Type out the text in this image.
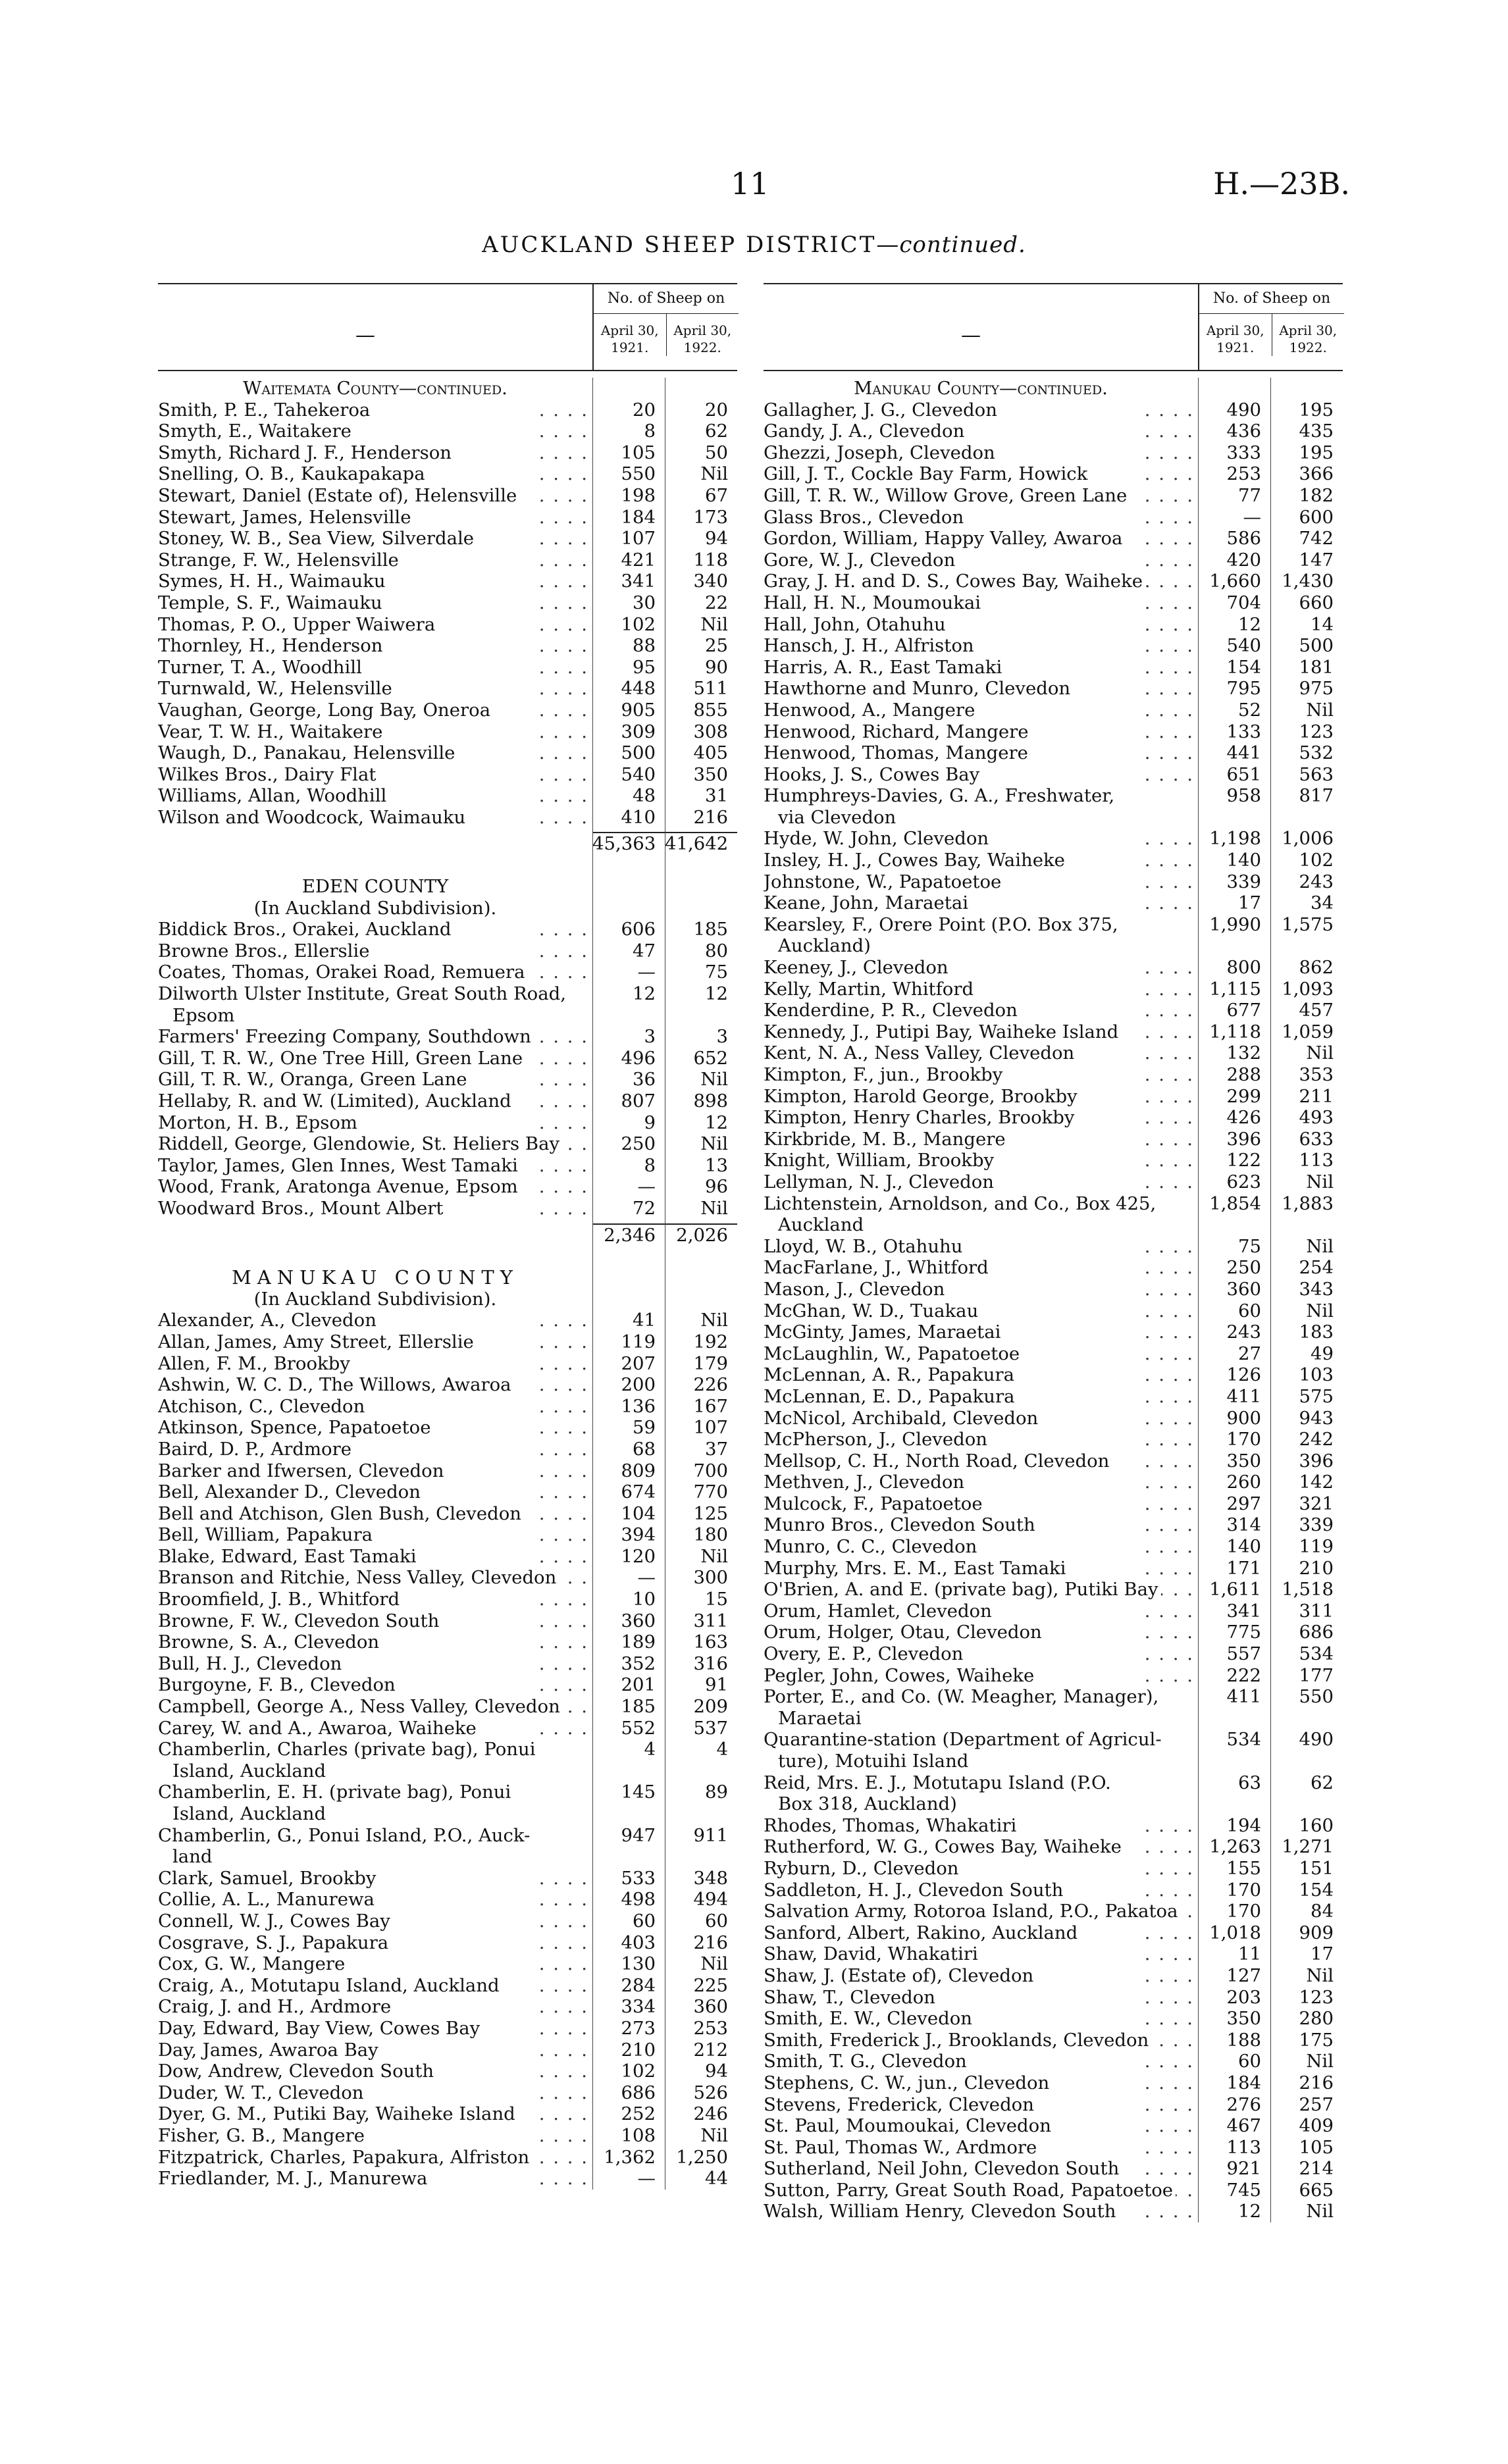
11	H.—23B.
AUCKLAND SHEEP DISTRICT—continued.
—
No. of Sheep on
April 30, 1921.
April 30, 1922.
Waitemata County—continued.
Smith, P. E., Tahekeroa . . . .	20	20
Smyth, E., Waitakere . . . .	8	62
Smyth, Richard J. F., Henderson . . . .	105	50
Snelling, O. B., Kaukapakapa . . . .	550	Nil
Stewart, Daniel (Estate of), Helensville . . . .	198	67
Stewart, James, Helensville . . . .	184	173
Stoney, W. B., Sea View, Silverdale . . . .	107	94
Strange, F. W., Helensville . . . .	421	118
Symes, H. H., Waimauku . . . .	341	340
Temple, S. F., Waimauku . . . .	30	22
Thomas, P. O., Upper Waiwera . . . .	102	Nil
Thornley, H., Henderson . . . .	88	25
Turner, T. A., Woodhill . . . .	95	90
Turnwald, W., Helensville . . . .	448	511
Vaughan, George, Long Bay, Oneroa . . . .	905	855
Vear, T. W. H., Waitakere . . . .	309	308
Waugh, D., Panakau, Helensville . . . .	500	405
Wilkes Bros., Dairy Flat . . . .	540	350
Williams, Allan, Woodhill . . . .	48	31
Wilson and Woodcock, Waimauku . . . .	410	216
45,363 41,642
EDEN COUNTY
(In Auckland Subdivision).
Biddick Bros., Orakei, Auckland . . . .	606	185
Browne Bros., Ellerslie . . . .	47	80
Coates, Thomas, Orakei Road, Remuera . . . .	—	75
Dilworth Ulster Institute, Great South Road,	12	12
Epsom
Farmers' Freezing Company, Southdown . . . .	3	3
Gill, T. R. W., One Tree Hill, Green Lane . . . .	496	652
Gill, T. R. W., Oranga, Green Lane . . . .	36	Nil
Hellaby, R. and W. (Limited), Auckland . . . .	807	898
Morton, H. B., Epsom . . . .	9	12
Riddell, George, Glendowie, St. Heliers Bay . . . .	250	Nil
Taylor, James, Glen Innes, West Tamaki . . . .	8	13
Wood, Frank, Aratonga Avenue, Epsom . . . .	—	96
Woodward Bros., Mount Albert . . . .	72	Nil
2,346	2,026
MANUKAU COUNTY
(In Auckland Subdivision).
Alexander, A., Clevedon . . . .	41	Nil
Allan, James, Amy Street, Ellerslie . . . .	119	192
Allen, F. M., Brookby . . . .	207	179
Ashwin, W. C. D., The Willows, Awaroa . . . .	200	226
Atchison, C., Clevedon . . . .	136	167
Atkinson, Spence, Papatoetoe . . . .	59	107
Baird, D. P., Ardmore . . . .	68	37
Barker and Ifwersen, Clevedon . . . .	809	700
Bell, Alexander D., Clevedon . . . .	674	770
Bell and Atchison, Glen Bush, Clevedon . . . .	104	125
Bell, William, Papakura . . . .	394	180
Blake, Edward, East Tamaki . . . .	120	Nil
Branson and Ritchie, Ness Valley, Clevedon . . . .	—	300
Broomfield, J. B., Whitford . . . .	10	15
Browne, F. W., Clevedon South . . . .	360	311
Browne, S. A., Clevedon . . . .	189	163
Bull, H. J., Clevedon . . . .	352	316
Burgoyne, F. B., Clevedon . . . .	201	91
Campbell, George A., Ness Valley, Clevedon . . . .	185	209
Carey, W. and A., Awaroa, Waiheke . . . .	552	537
Chamberlin, Charles (private bag), Ponui	4	4
Island, Auckland
Chamberlin, E. H. (private bag), Ponui	145	89
Island, Auckland
Chamberlin, G., Ponui Island, P.O., Auck-	947	911
land
Clark, Samuel, Brookby . . . .	533	348
Collie, A. L., Manurewa . . . .	498	494
Connell, W. J., Cowes Bay . . . .	60	60
Cosgrave, S. J., Papakura . . . .	403	216
Cox, G. W., Mangere . . . .	130	Nil
Craig, A., Motutapu Island, Auckland . . . .	284	225
Craig, J. and H., Ardmore . . . .	334	360
Day, Edward, Bay View, Cowes Bay . . . .	273	253
Day, James, Awaroa Bay . . . .	210	212
Dow, Andrew, Clevedon South . . . .	102	94
Duder, W. T., Clevedon . . . .	686	526
Dyer, G. M., Putiki Bay, Waiheke Island . . . .	252	246
Fisher, G. B., Mangere . . . .	108	Nil
Fitzpatrick, Charles, Papakura, Alfriston . . . .	1,362	1,250
Friedlander, M. J., Manurewa . . . .	—	44
—
No. of Sheep on
April 30, 1921.
April 30, 1922.
Manukau County—continued.
Gallagher, J. G., Clevedon . . . .	490	195
Gandy, J. A., Clevedon . . . .	436	435
Ghezzi, Joseph, Clevedon . . . .	333	195
Gill, J. T., Cockle Bay Farm, Howick . . . .	253	366
Gill, T. R. W., Willow Grove, Green Lane . . . .	77	182
Glass Bros., Clevedon . . . .	—	600
Gordon, William, Happy Valley, Awaroa . . . .	586	742
Gore, W. J., Clevedon . . . .	420	147
Gray, J. H. and D. S., Cowes Bay, Waiheke . . . .	1,660	1,430
Hall, H. N., Moumoukai . . . .	704	660
Hall, John, Otahuhu . . . .	12	14
Hansch, J. H., Alfriston . . . .	540	500
Harris, A. R., East Tamaki . . . .	154	181
Hawthorne and Munro, Clevedon . . . .	795	975
Henwood, A., Mangere . . . .	52	Nil
Henwood, Richard, Mangere . . . .	133	123
Henwood, Thomas, Mangere . . . .	441	532
Hooks, J. S., Cowes Bay . . . .	651	563
Humphreys-Davies, G. A., Freshwater,	958	817
via Clevedon
Hyde, W. John, Clevedon . . . .	1,198	1,006
Insley, H. J., Cowes Bay, Waiheke . . . .	140	102
Johnstone, W., Papatoetoe . . . .	339	243
Keane, John, Maraetai . . . .	17	34
Kearsley, F., Orere Point (P.O. Box 375,	1,990	1,575
Auckland)
Keeney, J., Clevedon . . . .	800	862
Kelly, Martin, Whitford . . . .	1,115	1,093
Kenderdine, P. R., Clevedon . . . .	677	457
Kennedy, J., Putipi Bay, Waiheke Island . . . .	1,118	1,059
Kent, N. A., Ness Valley, Clevedon . . . .	132	Nil
Kimpton, F., jun., Brookby . . . .	288	353
Kimpton, Harold George, Brookby . . . .	299	211
Kimpton, Henry Charles, Brookby . . . .	426	493
Kirkbride, M. B., Mangere . . . .	396	633
Knight, William, Brookby . . . .	122	113
Lellyman, N. J., Clevedon . . . .	623	Nil
Lichtenstein, Arnoldson, and Co., Box 425,	1,854	1,883
Auckland
Lloyd, W. B., Otahuhu . . . .	75	Nil
MacFarlane, J., Whitford . . . .	250	254
Mason, J., Clevedon . . . .	360	343
McGhan, W. D., Tuakau . . . .	60	Nil
McGinty, James, Maraetai . . . .	243	183
McLaughlin, W., Papatoetoe . . . .	27	49
McLennan, A. R., Papakura . . . .	126	103
McLennan, E. D., Papakura . . . .	411	575
McNicol, Archibald, Clevedon . . . .	900	943
McPherson, J., Clevedon . . . .	170	242
Mellsop, C. H., North Road, Clevedon . . . .	350	396
Methven, J., Clevedon . . . .	260	142
Mulcock, F., Papatoetoe . . . .	297	321
Munro Bros., Clevedon South . . . .	314	339
Munro, C. C., Clevedon . . . .	140	119
Murphy, Mrs. E. M., East Tamaki . . . .	171	210
O'Brien, A. and E. (private bag), Putiki Bay . . . .	1,611	1,518
Orum, Hamlet, Clevedon . . . .	341	311
Orum, Holger, Otau, Clevedon . . . .	775	686
Overy, E. P., Clevedon . . . .	557	534
Pegler, John, Cowes, Waiheke . . . .	222	177
Porter, E., and Co. (W. Meagher, Manager),	411	550
Maraetai
Quarantine-station (Department of Agricul-	534	490
ture), Motuihi Island
Reid, Mrs. E. J., Motutapu Island (P.O.	63	62
Box 318, Auckland)
Rhodes, Thomas, Whakatiri . . . .	194	160
Rutherford, W. G., Cowes Bay, Waiheke . . . .	1,263	1,271
Ryburn, D., Clevedon . . . .	155	151
Saddleton, H. J., Clevedon South . . . .	170	154
Salvation Army, Rotoroa Island, P.O., Pakatoa . . . .	170	84
Sanford, Albert, Rakino, Auckland . . . .	1,018	909
Shaw, David, Whakatiri . . . .	11	17
Shaw, J. (Estate of), Clevedon . . . .	127	Nil
Shaw, T., Clevedon . . . .	203	123
Smith, E. W., Clevedon . . . .	350	280
Smith, Frederick J., Brooklands, Clevedon . . . .	188	175
Smith, T. G., Clevedon . . . .	60	Nil
Stephens, C. W., jun., Clevedon . . . .	184	216
Stevens, Frederick, Clevedon . . . .	276	257
St. Paul, Moumoukai, Clevedon . . . .	467	409
St. Paul, Thomas W., Ardmore . . . .	113	105
Sutherland, Neil John, Clevedon South . . . .	921	214
Sutton, Parry, Great South Road, Papatoetoe . . . .	745	665
Walsh, William Henry, Clevedon South . . . .	12	Nil
